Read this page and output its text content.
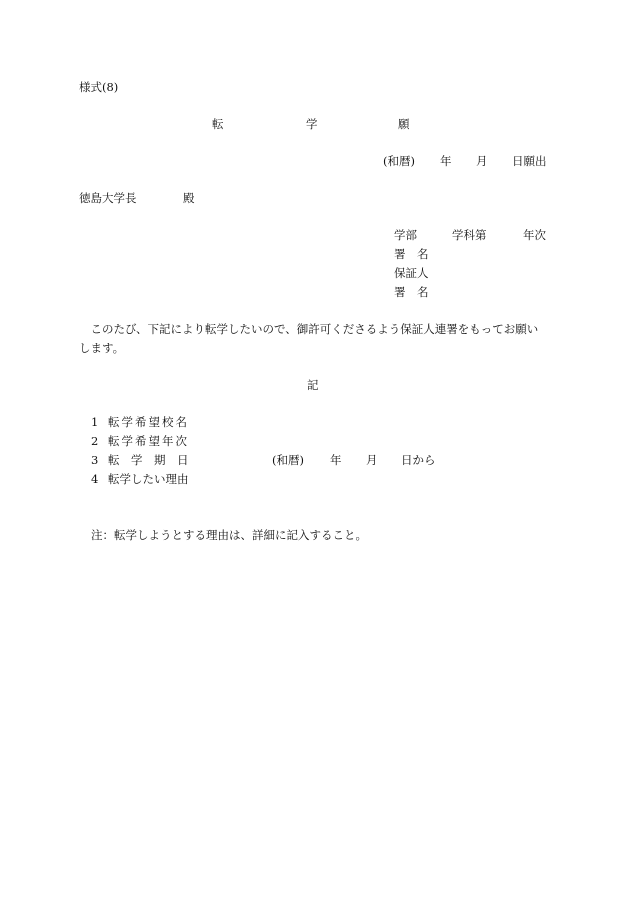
様式(8)
転	学	願
(和暦) 年 月 日願出
徳島大学長	殿
学部	学科第	年次
署　名
保証人
署　名
　このたび、下記により転学したいので、御許可くださるよう保証人連署をもってお願い
します。
記
1 転学希望校名
2 転学希望年次
3 転　学　期　日	(和暦) 年 月 日から
4 転学したい理由
注：転学しようとする理由は、詳細に記入すること。
